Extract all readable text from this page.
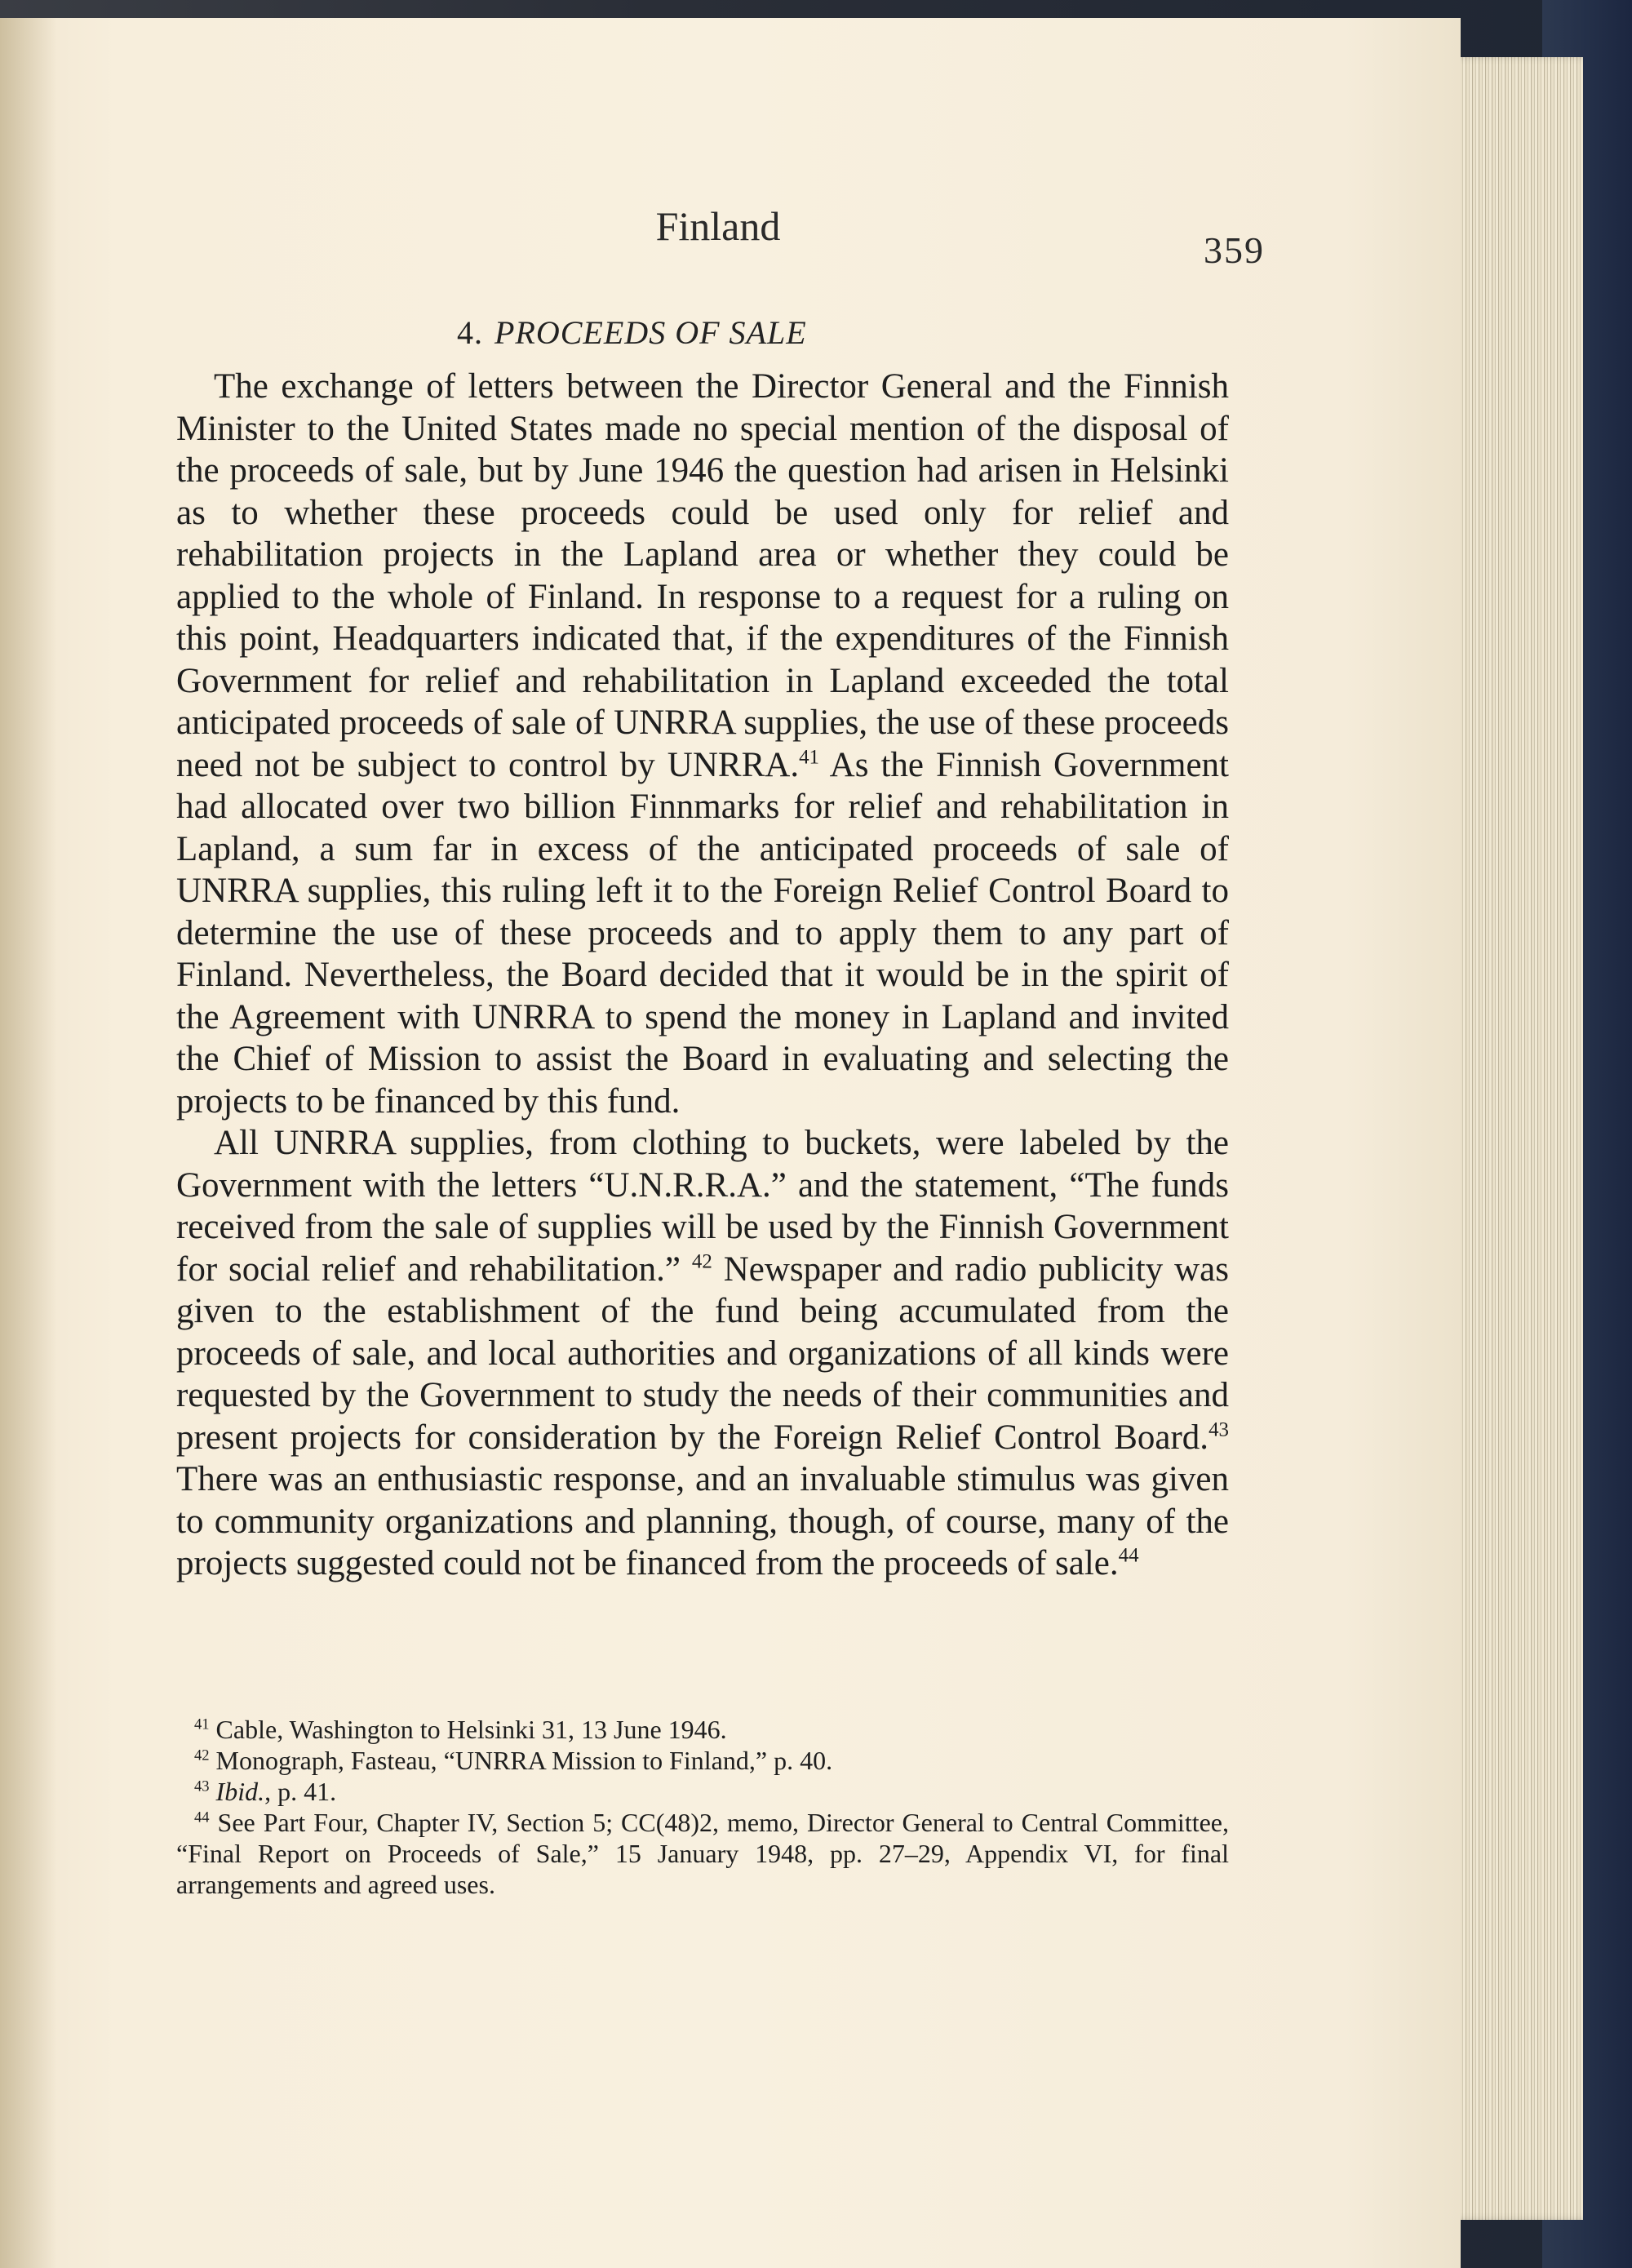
Finland
359
4. PROCEEDS OF SALE

The exchange of letters between the Director General and the Finnish Minister to the United States made no special mention of the disposal of the proceeds of sale, but by June 1946 the question had arisen in Helsinki as to whether these proceeds could be used only for relief and rehabilitation projects in the Lapland area or whether they could be applied to the whole of Finland. In response to a request for a ruling on this point, Headquarters indicated that, if the expenditures of the Finnish Government for relief and rehabilitation in Lapland exceeded the total anticipated proceeds of sale of UNRRA supplies, the use of these proceeds need not be subject to control by UNRRA.$^{41}$ As the Finnish Government had allocated over two billion Finnmarks for relief and rehabilitation in Lapland, a sum far in excess of the anticipated proceeds of sale of UNRRA supplies, this ruling left it to the Foreign Relief Control Board to determine the use of these proceeds and to apply them to any part of Finland. Nevertheless, the Board decided that it would be in the spirit of the Agreement with UNRRA to spend the money in Lapland and invited the Chief of Mission to assist the Board in evaluating and selecting the projects to be financed by this fund.

All UNRRA supplies, from clothing to buckets, were labeled by the Government with the letters “U.N.R.R.A.” and the statement, “The funds received from the sale of supplies will be used by the Finnish Government for social relief and rehabilitation.” $^{42}$ Newspaper and radio publicity was given to the establishment of the fund being accumulated from the proceeds of sale, and local authorities and organizations of all kinds were requested by the Government to study the needs of their communities and present projects for consideration by the Foreign Relief Control Board.$^{43}$ There was an enthusiastic response, and an invaluable stimulus was given to community organizations and planning, though, of course, many of the projects suggested could not be financed from the proceeds of sale.$^{44}$

$^{41}$ Cable, Washington to Helsinki 31, 13 June 1946.

$^{42}$ Monograph, Fasteau, “UNRRA Mission to Finland,” p. 40.

$^{43}$ Ibid., p. 41.

$^{44}$ See Part Four, Chapter IV, Section 5; CC(48)2, memo, Director General to Central Committee, “Final Report on Proceeds of Sale,” 15 January 1948, pp. 27–29, Appendix VI, for final arrangements and agreed uses.
